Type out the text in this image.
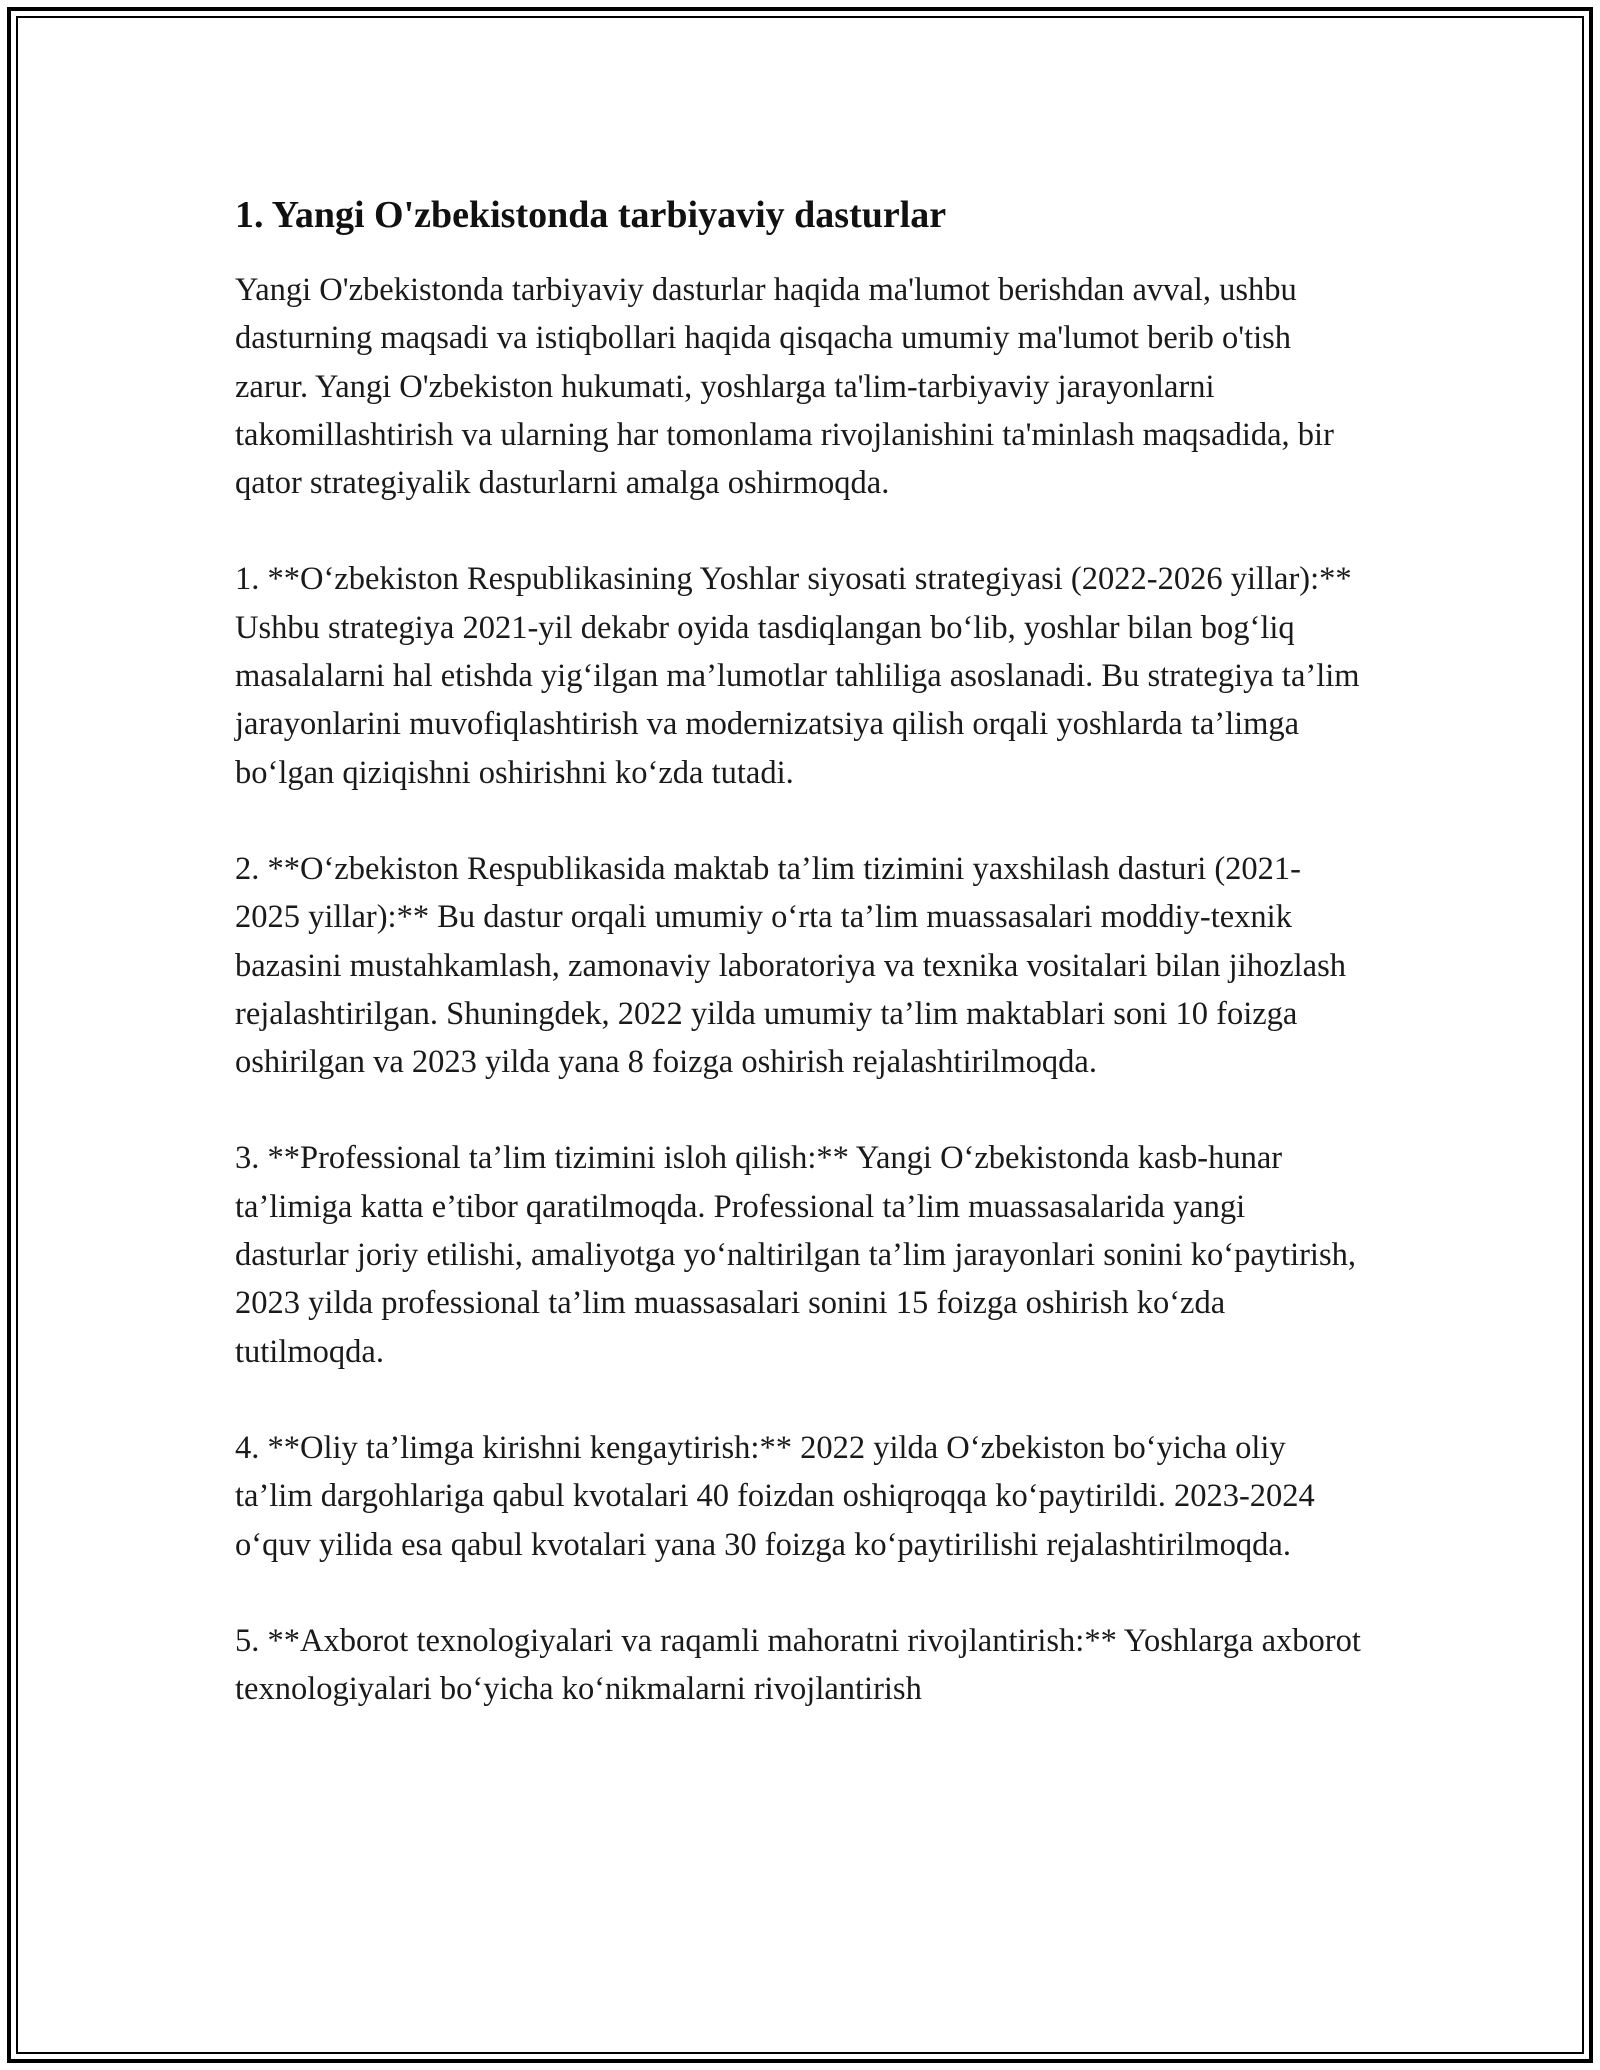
1. Yangi O'zbekistonda tarbiyaviy dasturlar

Yangi O'zbekistonda tarbiyaviy dasturlar haqida ma'lumot berishdan avval, ushbu dasturning maqsadi va istiqbollari haqida qisqacha umumiy ma'lumot berib o'tish zarur. Yangi O'zbekiston hukumati, yoshlarga ta'lim-tarbiyaviy jarayonlarni takomillashtirish va ularning har tomonlama rivojlanishini ta'minlash maqsadida, bir qator strategiyalik dasturlarni amalga oshirmoqda.

1. **O‘zbekiston Respublikasining Yoshlar siyosati strategiyasi (2022-2026 yillar):** Ushbu strategiya 2021-yil dekabr oyida tasdiqlangan bo‘lib, yoshlar bilan bog‘liq masalalarni hal etishda yig‘ilgan ma’lumotlar tahliliga asoslanadi. Bu strategiya ta’lim jarayonlarini muvofiqlashtirish va modernizatsiya qilish orqali yoshlarda ta’limga bo‘lgan qiziqishni oshirishni ko‘zda tutadi.

2. **O‘zbekiston Respublikasida maktab ta’lim tizimini yaxshilash dasturi (2021-2025 yillar):** Bu dastur orqali umumiy o‘rta ta’lim muassasalari moddiy-texnik bazasini mustahkamlash, zamonaviy laboratoriya va texnika vositalari bilan jihozlash rejalashtirilgan. Shuningdek, 2022 yilda umumiy ta’lim maktablari soni 10 foizga oshirilgan va 2023 yilda yana 8 foizga oshirish rejalashtirilmoqda.

3. **Professional ta’lim tizimini isloh qilish:** Yangi O‘zbekistonda kasb-hunar ta’limiga katta e’tibor qaratilmoqda. Professional ta’lim muassasalarida yangi dasturlar joriy etilishi, amaliyotga yo‘naltirilgan ta’lim jarayonlari sonini ko‘paytirish, 2023 yilda professional ta’lim muassasalari sonini 15 foizga oshirish ko‘zda tutilmoqda.

4. **Oliy ta’limga kirishni kengaytirish:** 2022 yilda O‘zbekiston bo‘yicha oliy ta’lim dargohlariga qabul kvotalari 40 foizdan oshiqroqqa ko‘paytirildi. 2023-2024 o‘quv yilida esa qabul kvotalari yana 30 foizga ko‘paytirilishi rejalashtirilmoqda.

5. **Axborot texnologiyalari va raqamli mahoratni rivojlantirish:** Yoshlarga axborot texnologiyalari bo‘yicha ko‘nikmalarni rivojlantirish
